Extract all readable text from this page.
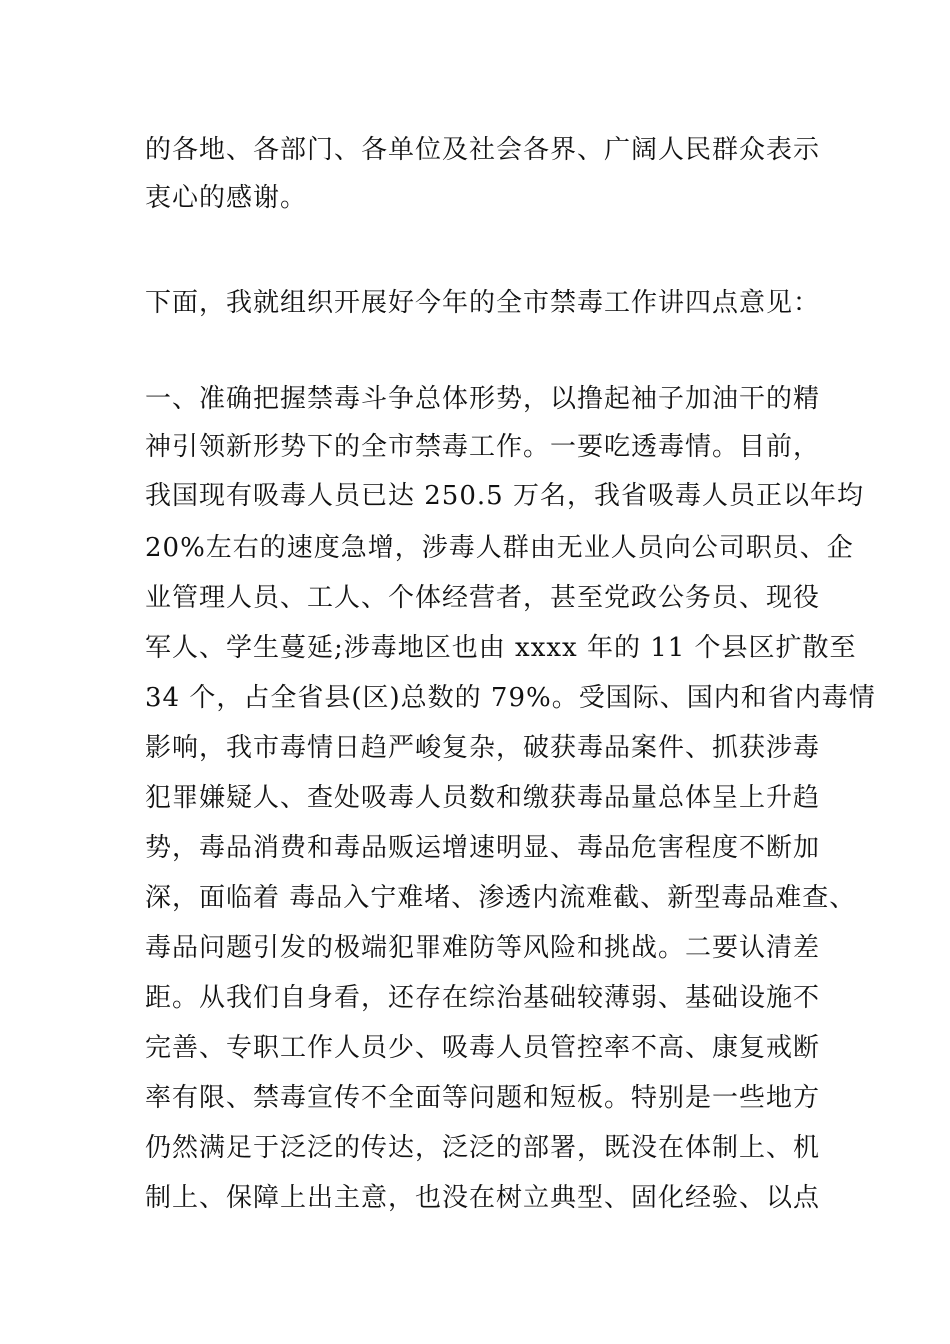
的各地、各部门、各单位及社会各界、广阔人民群众表示
衷心的感谢。
下面，我就组织开展好今年的全市禁毒工作讲四点意见：
一、准确把握禁毒斗争总体形势，以撸起袖子加油干的精
神引领新形势下的全市禁毒工作。一要吃透毒情。目前，
我国现有吸毒人员已达 250.5 万名，我省吸毒人员正以年均
20%左右的速度急增，涉毒人群由无业人员向公司职员、企
业管理人员、工人、个体经营者，甚至党政公务员、现役
军人、学生蔓延;涉毒地区也由 xxxx 年的 11 个县区扩散至
34 个，占全省县(区)总数的 79%。受国际、国内和省内毒情
影响，我市毒情日趋严峻复杂，破获毒品案件、抓获涉毒
犯罪嫌疑人、查处吸毒人员数和缴获毒品量总体呈上升趋
势，毒品消费和毒品贩运增速明显、毒品危害程度不断加
深，面临着 毒品入宁难堵、渗透内流难截、新型毒品难查、
毒品问题引发的极端犯罪难防等风险和挑战。二要认清差
距。从我们自身看，还存在综治基础较薄弱、基础设施不
完善、专职工作人员少、吸毒人员管控率不高、康复戒断
率有限、禁毒宣传不全面等问题和短板。特别是一些地方
仍然满足于泛泛的传达，泛泛的部署，既没在体制上、机
制上、保障上出主意，也没在树立典型、固化经验、以点
